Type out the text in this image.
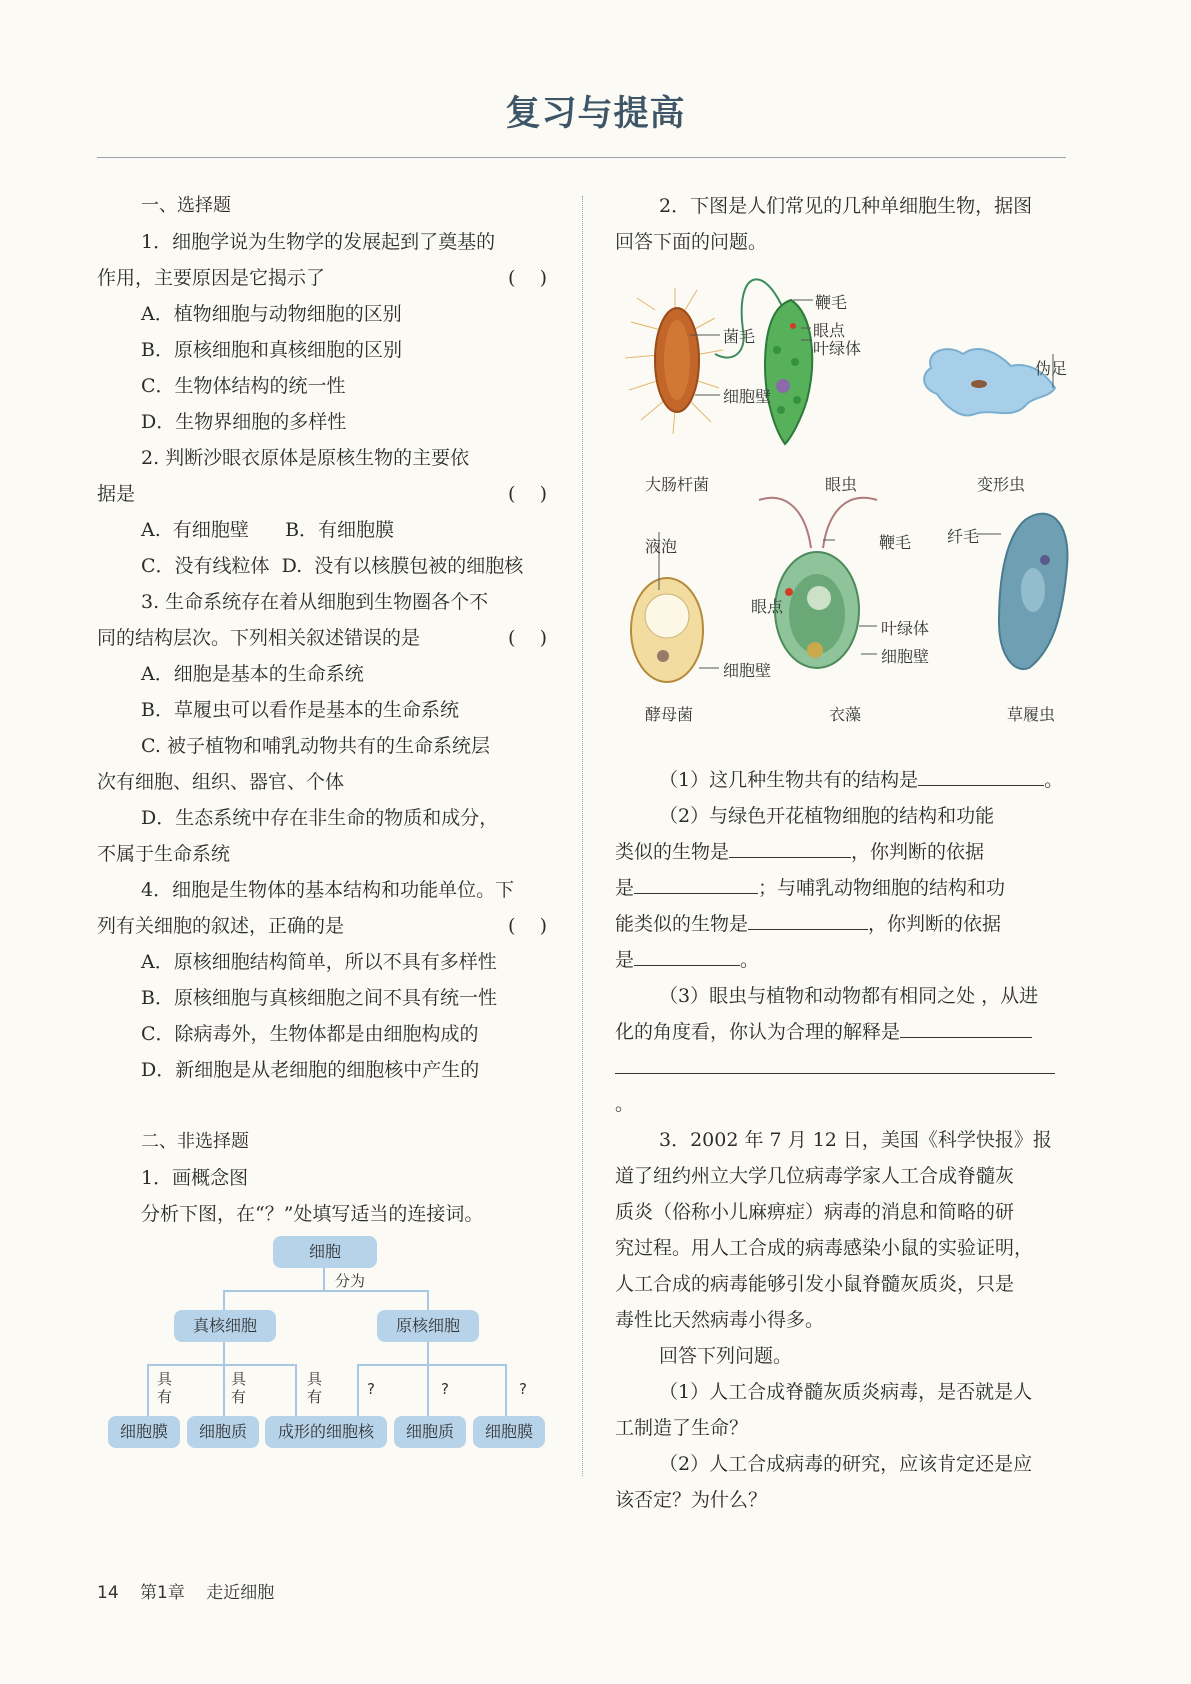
复习与提高

一、选择题

1．细胞学说为生物学的发展起到了奠基的

作用，主要原因是它揭示了	(    )

A．植物细胞与动物细胞的区别

B．原核细胞和真核细胞的区别

C．生物体结构的统一性

D．生物界细胞的多样性

2. 判断沙眼衣原体是原核生物的主要依

据是	(    )

A.  有细胞壁      B．有细胞膜

C．没有线粒体  D.  没有以核膜包被的细胞核

3. 生命系统存在着从细胞到生物圈各个不

同的结构层次。下列相关叙述错误的是	(    )

A．细胞是基本的生命系统

B．草履虫可以看作是基本的生命系统

C. 被子植物和哺乳动物共有的生命系统层

次有细胞、组织、器官、个体

D．生态系统中存在非生命的物质和成分，

不属于生命系统

4．细胞是生物体的基本结构和功能单位。下

列有关细胞的叙述，正确的是	(    )

A．原核细胞结构简单，所以不具有多样性

B．原核细胞与真核细胞之间不具有统一性

C．除病毒外，生物体都是由细胞构成的

D．新细胞是从老细胞的细胞核中产生的

二、非选择题

1．画概念图

分析下图，在“？”处填写适当的连接词。

细胞
分为
真核细胞	原核细胞
具有
具有
具有	?	?	?
细胞膜	细胞质	成形的细胞核	细胞质	细胞膜

2．下图是人们常见的几种单细胞生物，据图

回答下面的问题。

菌毛
细胞壁
大肠杆菌
鞭毛
眼点
叶绿体
眼虫
伪足
变形虫
液泡
细胞壁
酵母菌
鞭毛
眼点
叶绿体
细胞壁
衣藻
纤毛
草履虫

（1）这几种生物共有的结构是	。

（2）与绿色开花植物细胞的结构和功能

类似的生物是	，你判断的依据

是	；与哺乳动物细胞的结构和功

能类似的生物是	，你判断的依据

是	。

（3）眼虫与植物和动物都有相同之处 ，从进

化的角度看，你认为合理的解释是

。

3．2002 年 7 月 12 日，美国《科学快报》报

道了纽约州立大学几位病毒学家人工合成脊髓灰

质炎（俗称小儿麻痹症）病毒的消息和简略的研

究过程。用人工合成的病毒感染小鼠的实验证明，

人工合成的病毒能够引发小鼠脊髓灰质炎，只是

毒性比天然病毒小得多。

回答下列问题。

（1）人工合成脊髓灰质炎病毒，是否就是人

工制造了生命？

（2）人工合成病毒的研究，应该肯定还是应

该否定？为什么？

14 第1章 走近细胞
